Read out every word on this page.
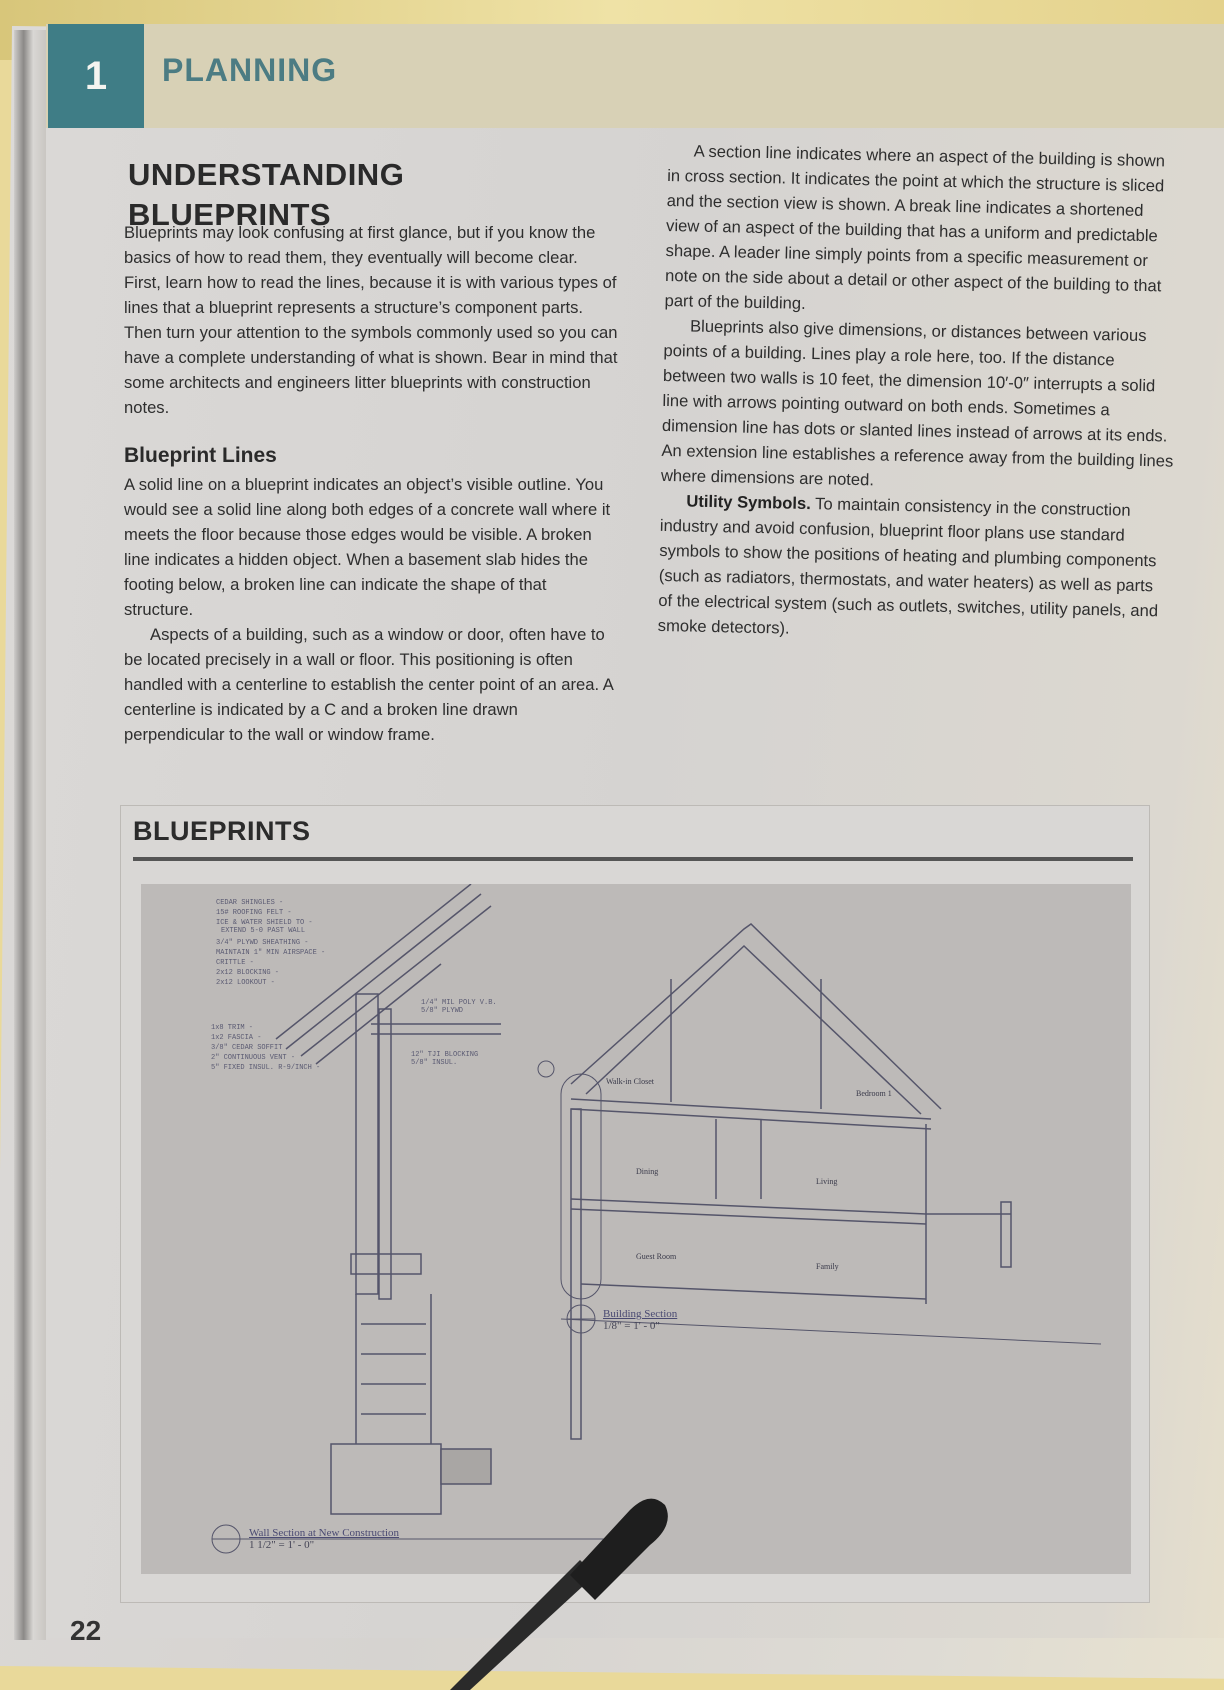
1	PLANNING
UNDERSTANDING
BLUEPRINTS

Blueprints may look confusing at first glance, but if you know the basics of how to read them, they eventually will become clear. First, learn how to read the lines, because it is with various types of lines that a blueprint represents a structure’s component parts. Then turn your attention to the symbols commonly used so you can have a complete understanding of what is shown. Bear in mind that some architects and engineers litter blueprints with construction notes.

Blueprint Lines

A solid line on a blueprint indicates an object’s visible outline. You would see a solid line along both edges of a concrete wall where it meets the floor because those edges would be visible. A broken line indicates a hidden object. When a basement slab hides the footing below, a broken line can indicate the shape of that structure.

Aspects of a building, such as a window or door, often have to be located precisely in a wall or floor. This positioning is often handled with a centerline to establish the center point of an area. A centerline is indicated by a C and a broken line drawn perpendicular to the wall or window frame.

A section line indicates where an aspect of the building is shown in cross section. It indicates the point at which the structure is sliced and the section view is shown. A break line indicates a shortened view of an aspect of the building that has a uniform and predictable shape. A leader line simply points from a specific measurement or note on the side about a detail or other aspect of the building to that part of the building.

Blueprints also give dimensions, or distances between various points of a building. Lines play a role here, too. If the distance between two walls is 10 feet, the dimension 10′-0″ interrupts a solid line with arrows pointing outward on both ends. Sometimes a dimension line has dots or slanted lines instead of arrows at its ends. An extension line establishes a reference away from the building lines where dimensions are noted.

Utility Symbols. To maintain consistency in the construction industry and avoid confusion, blueprint floor plans use standard symbols to show the positions of heating and plumbing components (such as radiators, thermostats, and water heaters) as well as parts of the electrical system (such as outlets, switches, utility panels, and smoke detectors).

BLUEPRINTS
CEDAR SHINGLES -
15# ROOFING FELT -
ICE & WATER SHIELD TO -
EXTEND 5-0 PAST WALL
3/4" PLYWD SHEATHING -
MAINTAIN 1" MIN AIRSPACE -
CRITTLE -
2x12 BLOCKING -
2x12 LOOKOUT -
1x8 TRIM -
1x2 FASCIA -
3/8" CEDAR SOFFIT -
2" CONTINUOUS VENT -
5" FIXED INSUL. R-9/INCH -
1/4" MIL POLY V.B.
5/8" PLYWD
12" TJI BLOCKING
5/8" INSUL.
Walk-in Closet
Bedroom 1
Dining
Living
Guest Room
Family
Building Section
1/8" = 1' - 0"
Wall Section at New Construction
1 1/2" = 1' - 0"
22
